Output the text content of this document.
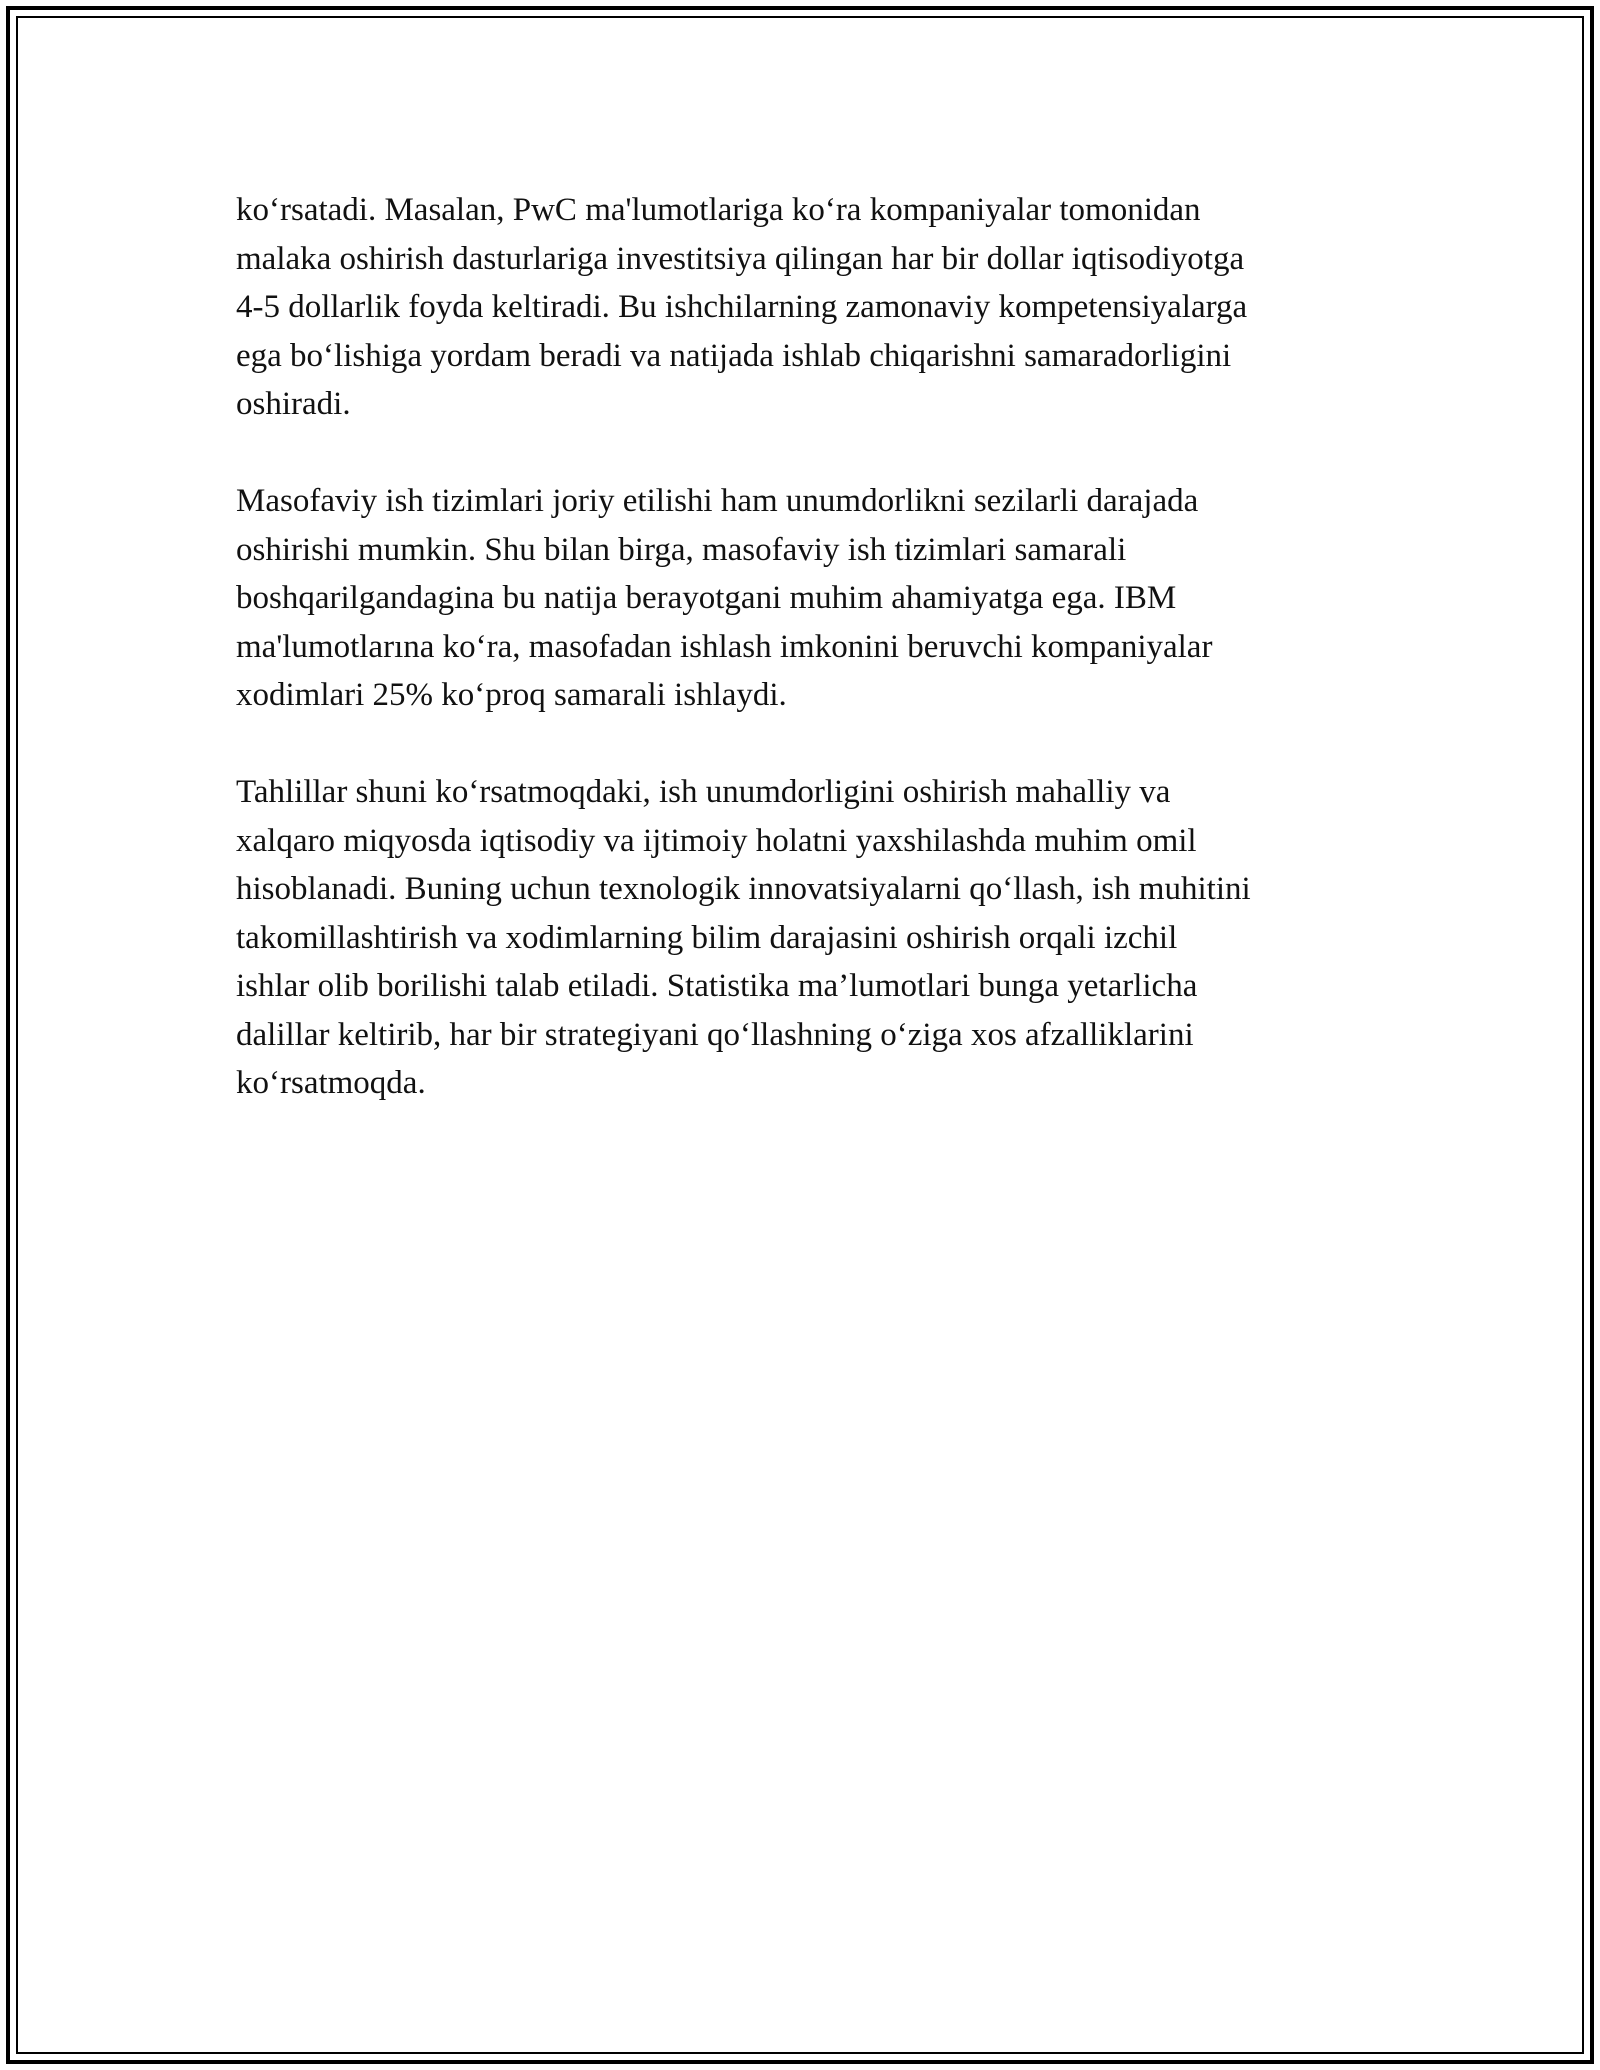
ko‘rsatadi. Masalan, PwC ma'lumotlariga ko‘ra kompaniyalar tomonidan
malaka oshirish dasturlariga investitsiya qilingan har bir dollar iqtisodiyotga
4-5 dollarlik foyda keltiradi. Bu ishchilarning zamonaviy kompetensiyalarga
ega bo‘lishiga yordam beradi va natijada ishlab chiqarishni samaradorligini
oshiradi.

Masofaviy ish tizimlari joriy etilishi ham unumdorlikni sezilarli darajada
oshirishi mumkin. Shu bilan birga, masofaviy ish tizimlari samarali
boshqarilgandagina bu natija berayotgani muhim ahamiyatga ega. IBM
ma'lumotlarına ko‘ra, masofadan ishlash imkonini beruvchi kompaniyalar
xodimlari 25% ko‘proq samarali ishlaydi.

Tahlillar shuni ko‘rsatmoqdaki, ish unumdorligini oshirish mahalliy va
xalqaro miqyosda iqtisodiy va ijtimoiy holatni yaxshilashda muhim omil
hisoblanadi. Buning uchun texnologik innovatsiyalarni qo‘llash, ish muhitini
takomillashtirish va xodimlarning bilim darajasini oshirish orqali izchil
ishlar olib borilishi talab etiladi. Statistika ma’lumotlari bunga yetarlicha
dalillar keltirib, har bir strategiyani qo‘llashning o‘ziga xos afzalliklarini
ko‘rsatmoqda.
